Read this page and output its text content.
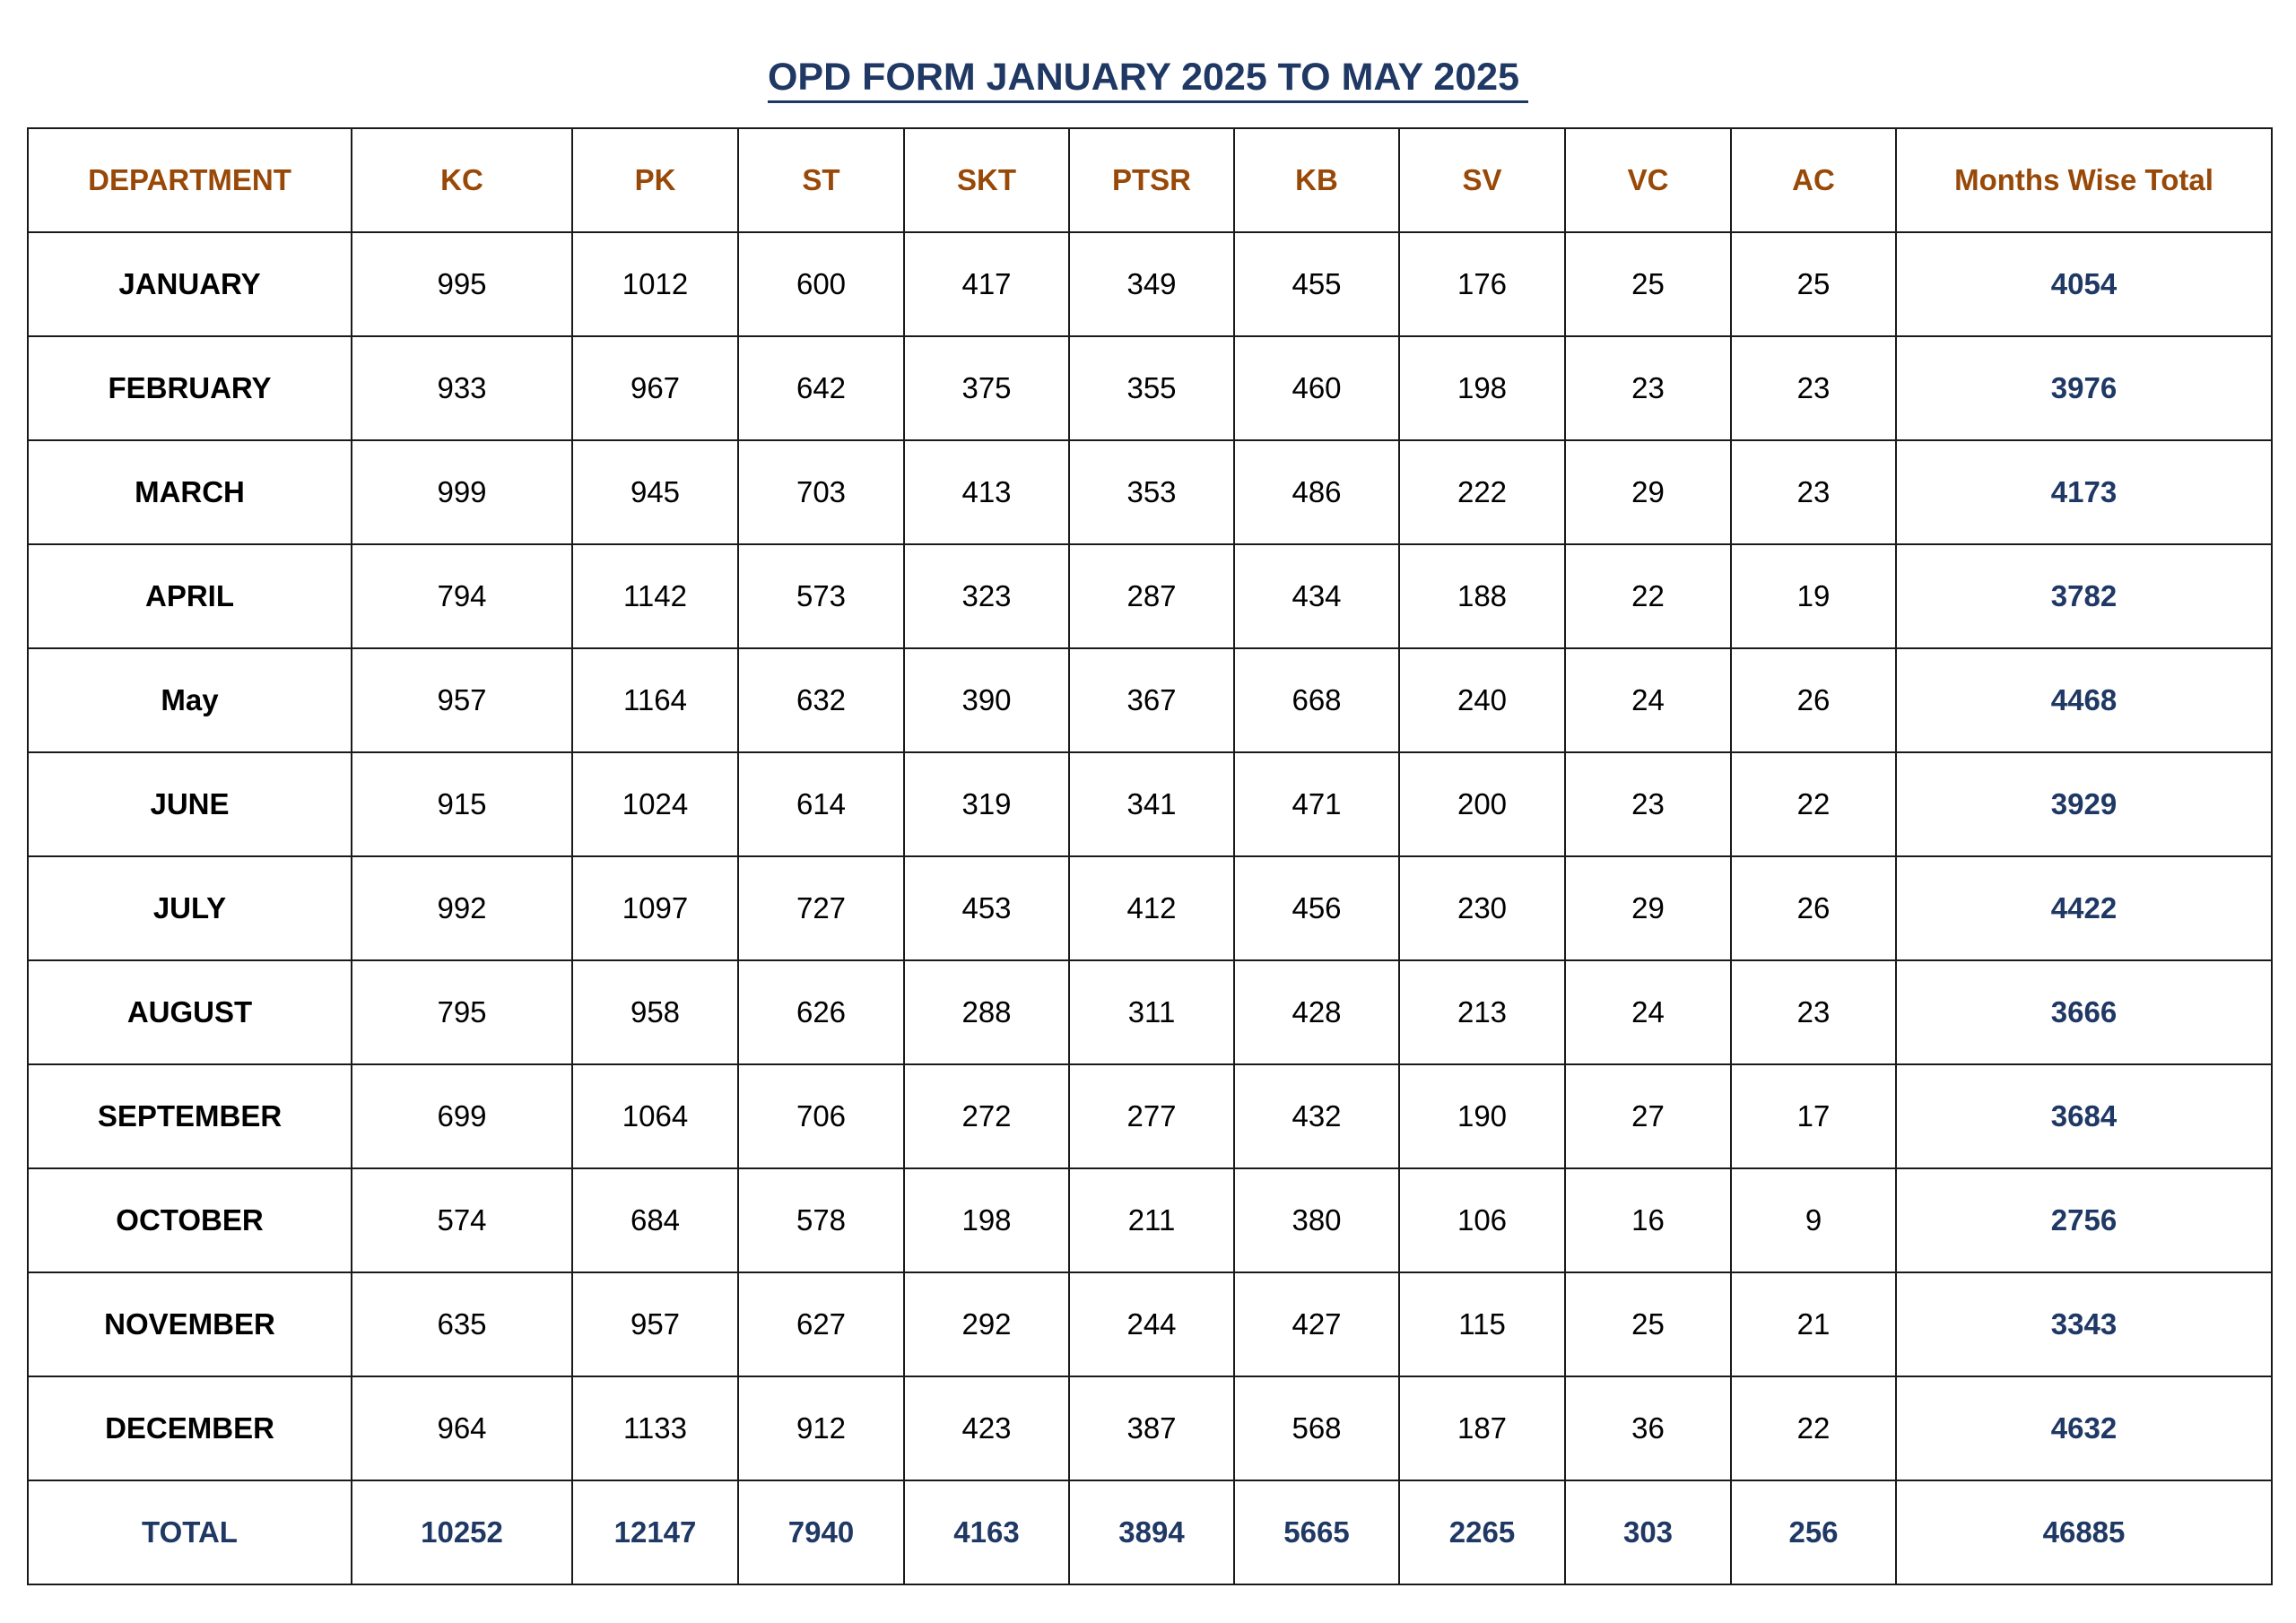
OPD FORM JANUARY 2025 TO MAY 2025
DEPARTMENT	KC	PK	ST	SKT	PTSR	KB	SV	VC	AC	Months Wise Total
JANUARY	995	1012	600	417	349	455	176	25	25	4054
FEBRUARY	933	967	642	375	355	460	198	23	23	3976
MARCH	999	945	703	413	353	486	222	29	23	4173
APRIL	794	1142	573	323	287	434	188	22	19	3782
May	957	1164	632	390	367	668	240	24	26	4468
JUNE	915	1024	614	319	341	471	200	23	22	3929
JULY	992	1097	727	453	412	456	230	29	26	4422
AUGUST	795	958	626	288	311	428	213	24	23	3666
SEPTEMBER	699	1064	706	272	277	432	190	27	17	3684
OCTOBER	574	684	578	198	211	380	106	16	9	2756
NOVEMBER	635	957	627	292	244	427	115	25	21	3343
DECEMBER	964	1133	912	423	387	568	187	36	22	4632
TOTAL	10252	12147	7940	4163	3894	5665	2265	303	256	46885
